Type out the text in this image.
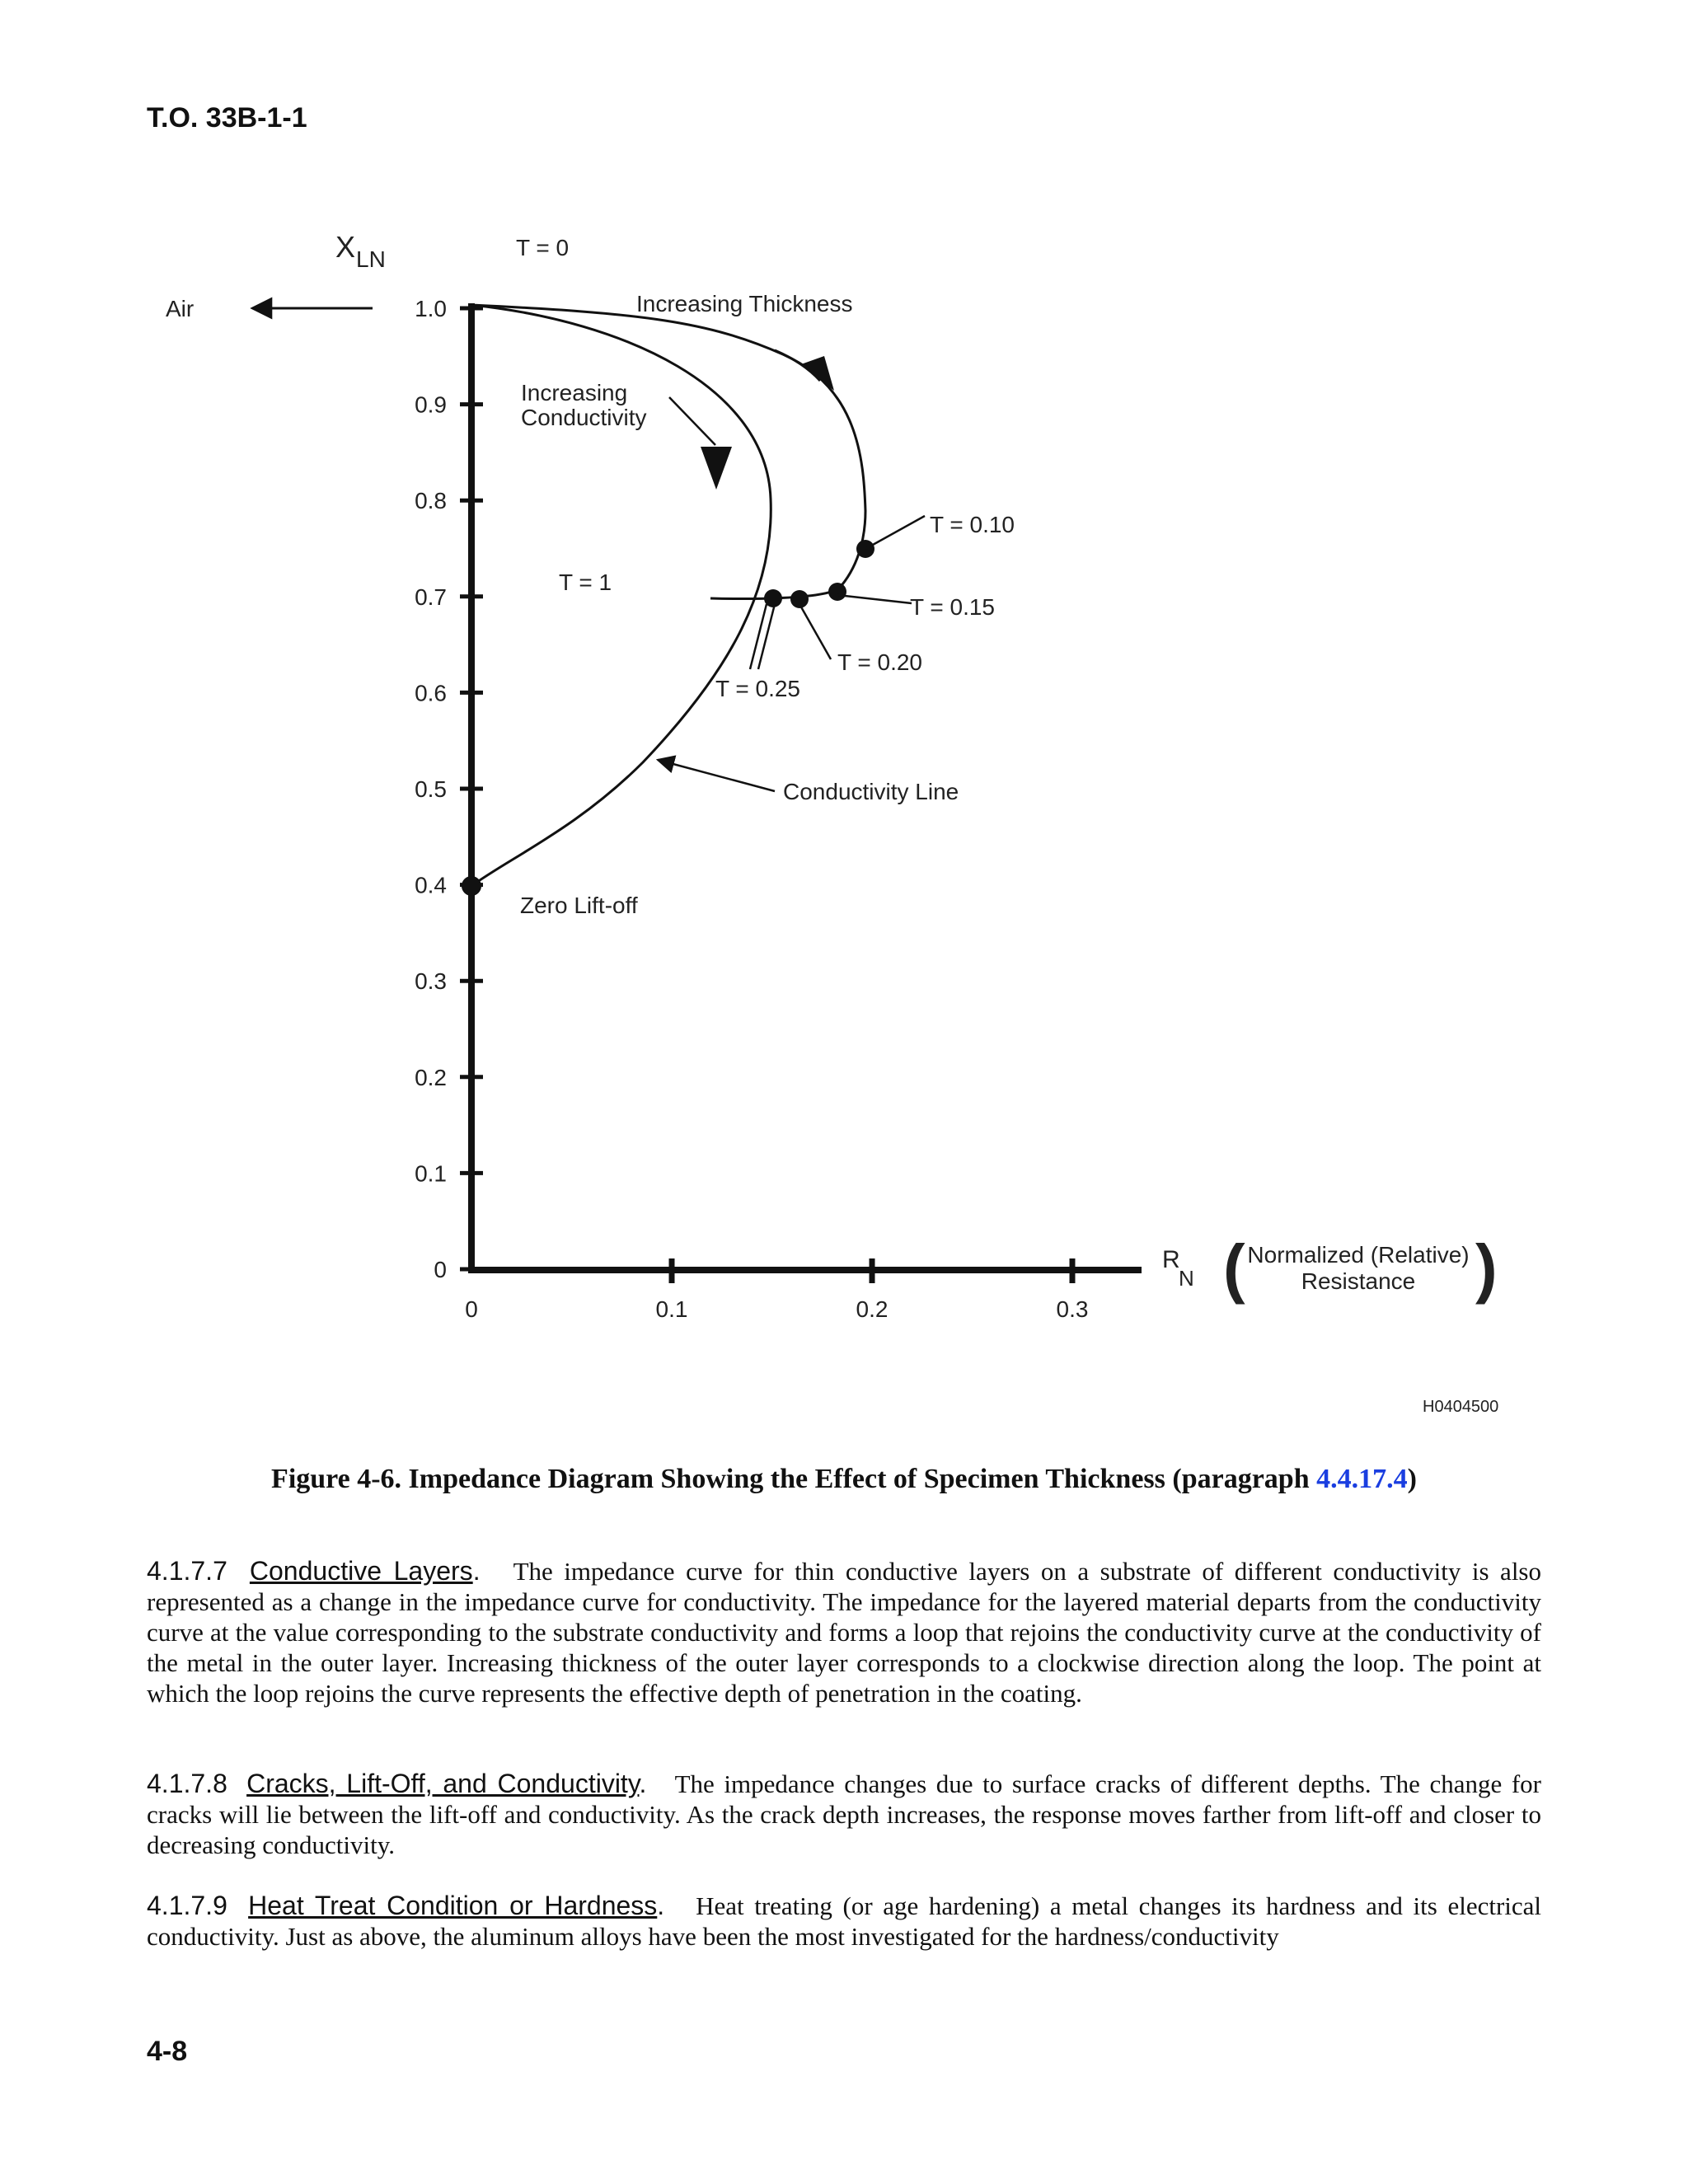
T.O. 33B-1-1
1.0
0.9
0.8
0.7
0.6
0.5
0.4
0.3
0.2
0.1
0
0	0.1	0.2	0.3
X LN
R
N (	)
Normalized (Relative)
Resistance
Air
T = 0
Increasing Thickness
Increasing
Conductivity
T = 1
T = 0.10
T = 0.15
T = 0.20
T = 0.25
Conductivity Line
Zero Lift-off
H0404500
Figure 4-6. Impedance Diagram Showing the Effect of Specimen Thickness (paragraph 4.4.17.4)
4.1.7.7 Conductive Layers. The impedance curve for thin conductive layers on a substrate of different conductivity is also represented as a change in the impedance curve for conductivity. The impedance for the layered material departs from the conductivity curve at the value corresponding to the substrate conductivity and forms a loop that rejoins the conductivity curve at the conductivity of the metal in the outer layer. Increasing thickness of the outer layer corresponds to a clockwise direction along the loop. The point at which the loop rejoins the curve represents the effective depth of penetration in the coating.
4.1.7.8 Cracks, Lift-Off, and Conductivity. The impedance changes due to surface cracks of different depths. The change for cracks will lie between the lift-off and conductivity. As the crack depth increases, the response moves farther from lift-off and closer to decreasing conductivity.
4.1.7.9 Heat Treat Condition or Hardness. Heat treating (or age hardening) a metal changes its hardness and its electrical conductivity. Just as above, the aluminum alloys have been the most investigated for the hardness/conductivity
4-8
